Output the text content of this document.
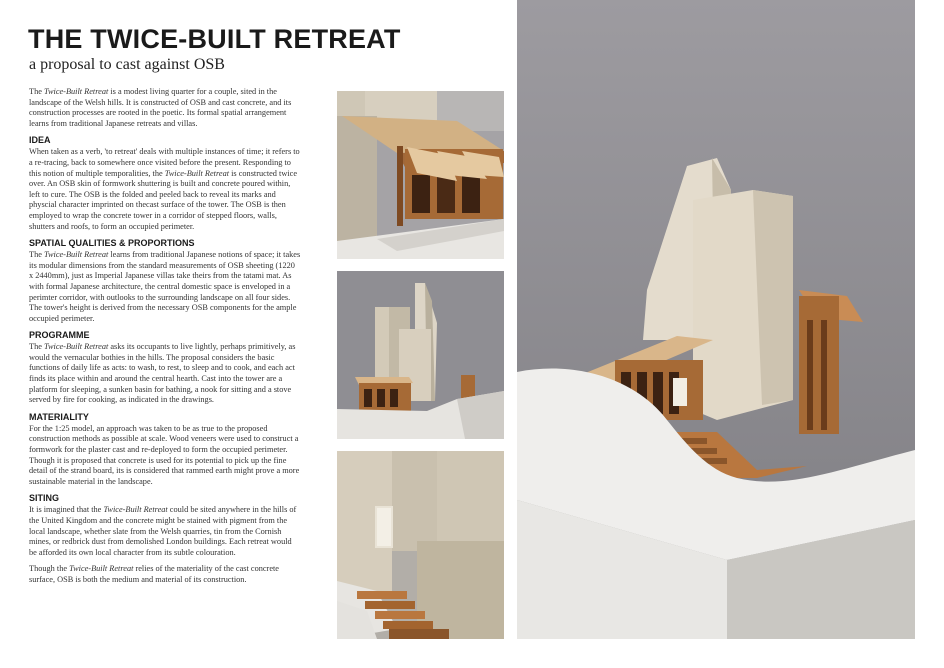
THE TWICE-BUILT RETREAT
a proposal to cast against OSB

The Twice-Built Retreat is a modest living quarter for a couple, sited in the landscape of the Welsh hills. It is constructed of OSB and cast concrete, and its construction processes are rooted in the poetic. Its formal spatial arrangement learns from traditional Japanese retreats and villas.

IDEA

When taken as a verb, 'to retreat' deals with multiple instances of time; it refers to a re-tracing, back to somewhere once visited before the present. Responding to this notion of multiple temporalities, the Twice-Built Retreat is constructed twice over. An OSB skin of formwork shuttering is built and concrete poured within, left to cure. The OSB is the folded and peeled back to reveal its marks and physcial character imprinted on thecast surface of the tower. The OSB is then employed to wrap the concrete tower in a corridor of stepped floors, walls, shutters and roofs, to form an occupied perimeter.

SPATIAL QUALITIES & PROPORTIONS

The Twice-Built Retreat learns from traditional Japanese notions of space; it takes its modular dimensions from the standard measurements of OSB sheeting (1220 x 2440mm), just as Imperial Japanese villas take theirs from the tatami mat. As with formal Japanese architecture, the central domestic space is enveloped in a perimter corridor, with outlooks to the surrounding landscape on all four sides. The tower's height is derived from the necessary OSB components for the ample occupied perimeter.

PROGRAMME

The Twice-Built Retreat asks its occupants to live lightly, perhaps primitively, as would the vernacular bothies in the hills. The proposal considers the basic functions of daily life as acts: to wash, to rest, to sleep and to cook, and each act finds its place within and around the central hearth. Cast into the tower are a platform for sleeping, a sunken basin for bathing, a nook for sitting and a stove served by fire for cooking, as indicated in the drawings.

MATERIALITY

For the 1:25 model, an approach was taken to be as true to the proposed construction methods as possible at scale. Wood veneers were used to construct a formwork for the plaster cast and re-deployed to form the occupied perimeter. Though it is proposed that concrete is used for its potential to pick up the fine detail of the strand board, its is considered that rammed earth might prove a more sustainable material in the landscape.

SITING

It is imagined that the Twice-Built Retreat could be sited anywhere in the hills of the United Kingdom and the concrete might be stained with pigment from the local landscape, whether slate from the Welsh quarries, tin from the Cornish mines, or redbrick dust from demolished London buildings. Each retreat would be afforded its own local character from its subtle colouration.

Though the Twice-Built Retreat relies of the materiality of the cast concrete surface, OSB is both the medium and material of its construction.
